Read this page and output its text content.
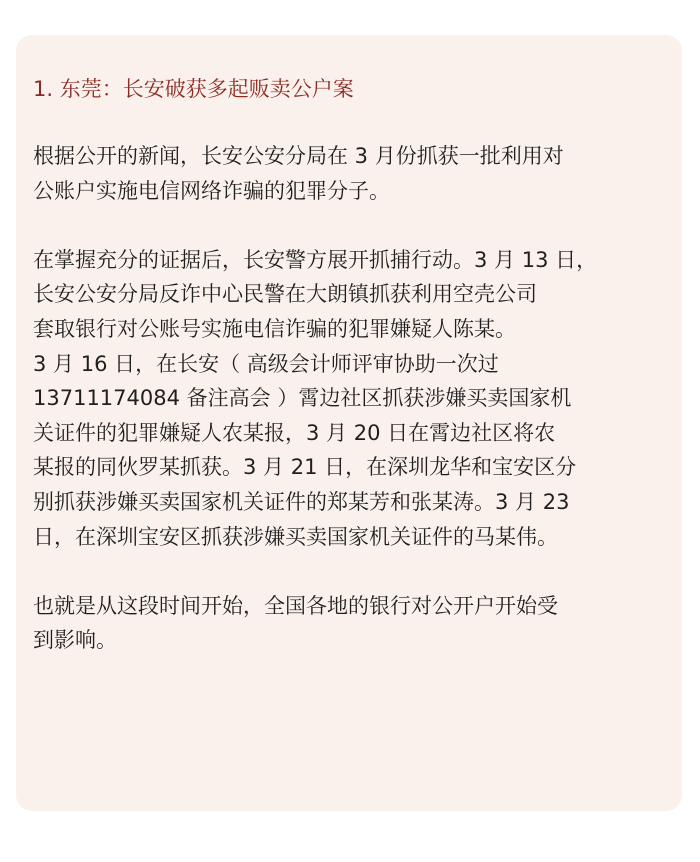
1. 东莞：长安破获多起贩卖公户案
根据公开的新闻，长安公安分局在 3 月份抓获一批利用对
公账户实施电信网络诈骗的犯罪分子。
在掌握充分的证据后，长安警方展开抓捕行动。3 月 13 日，
长安公安分局反诈中心民警在大朗镇抓获利用空壳公司
套取银行对公账号实施电信诈骗的犯罪嫌疑人陈某。
3 月 16 日，在长安（ 高级会计师评审协助一次过
13711174084 备注高会 ）霄边社区抓获涉嫌买卖国家机
关证件的犯罪嫌疑人农某报，3 月 20 日在霄边社区将农
某报的同伙罗某抓获。3 月 21 日，在深圳龙华和宝安区分
别抓获涉嫌买卖国家机关证件的郑某芳和张某涛。3 月 23
日，在深圳宝安区抓获涉嫌买卖国家机关证件的马某伟。
也就是从这段时间开始，全国各地的银行对公开户开始受
到影响。
